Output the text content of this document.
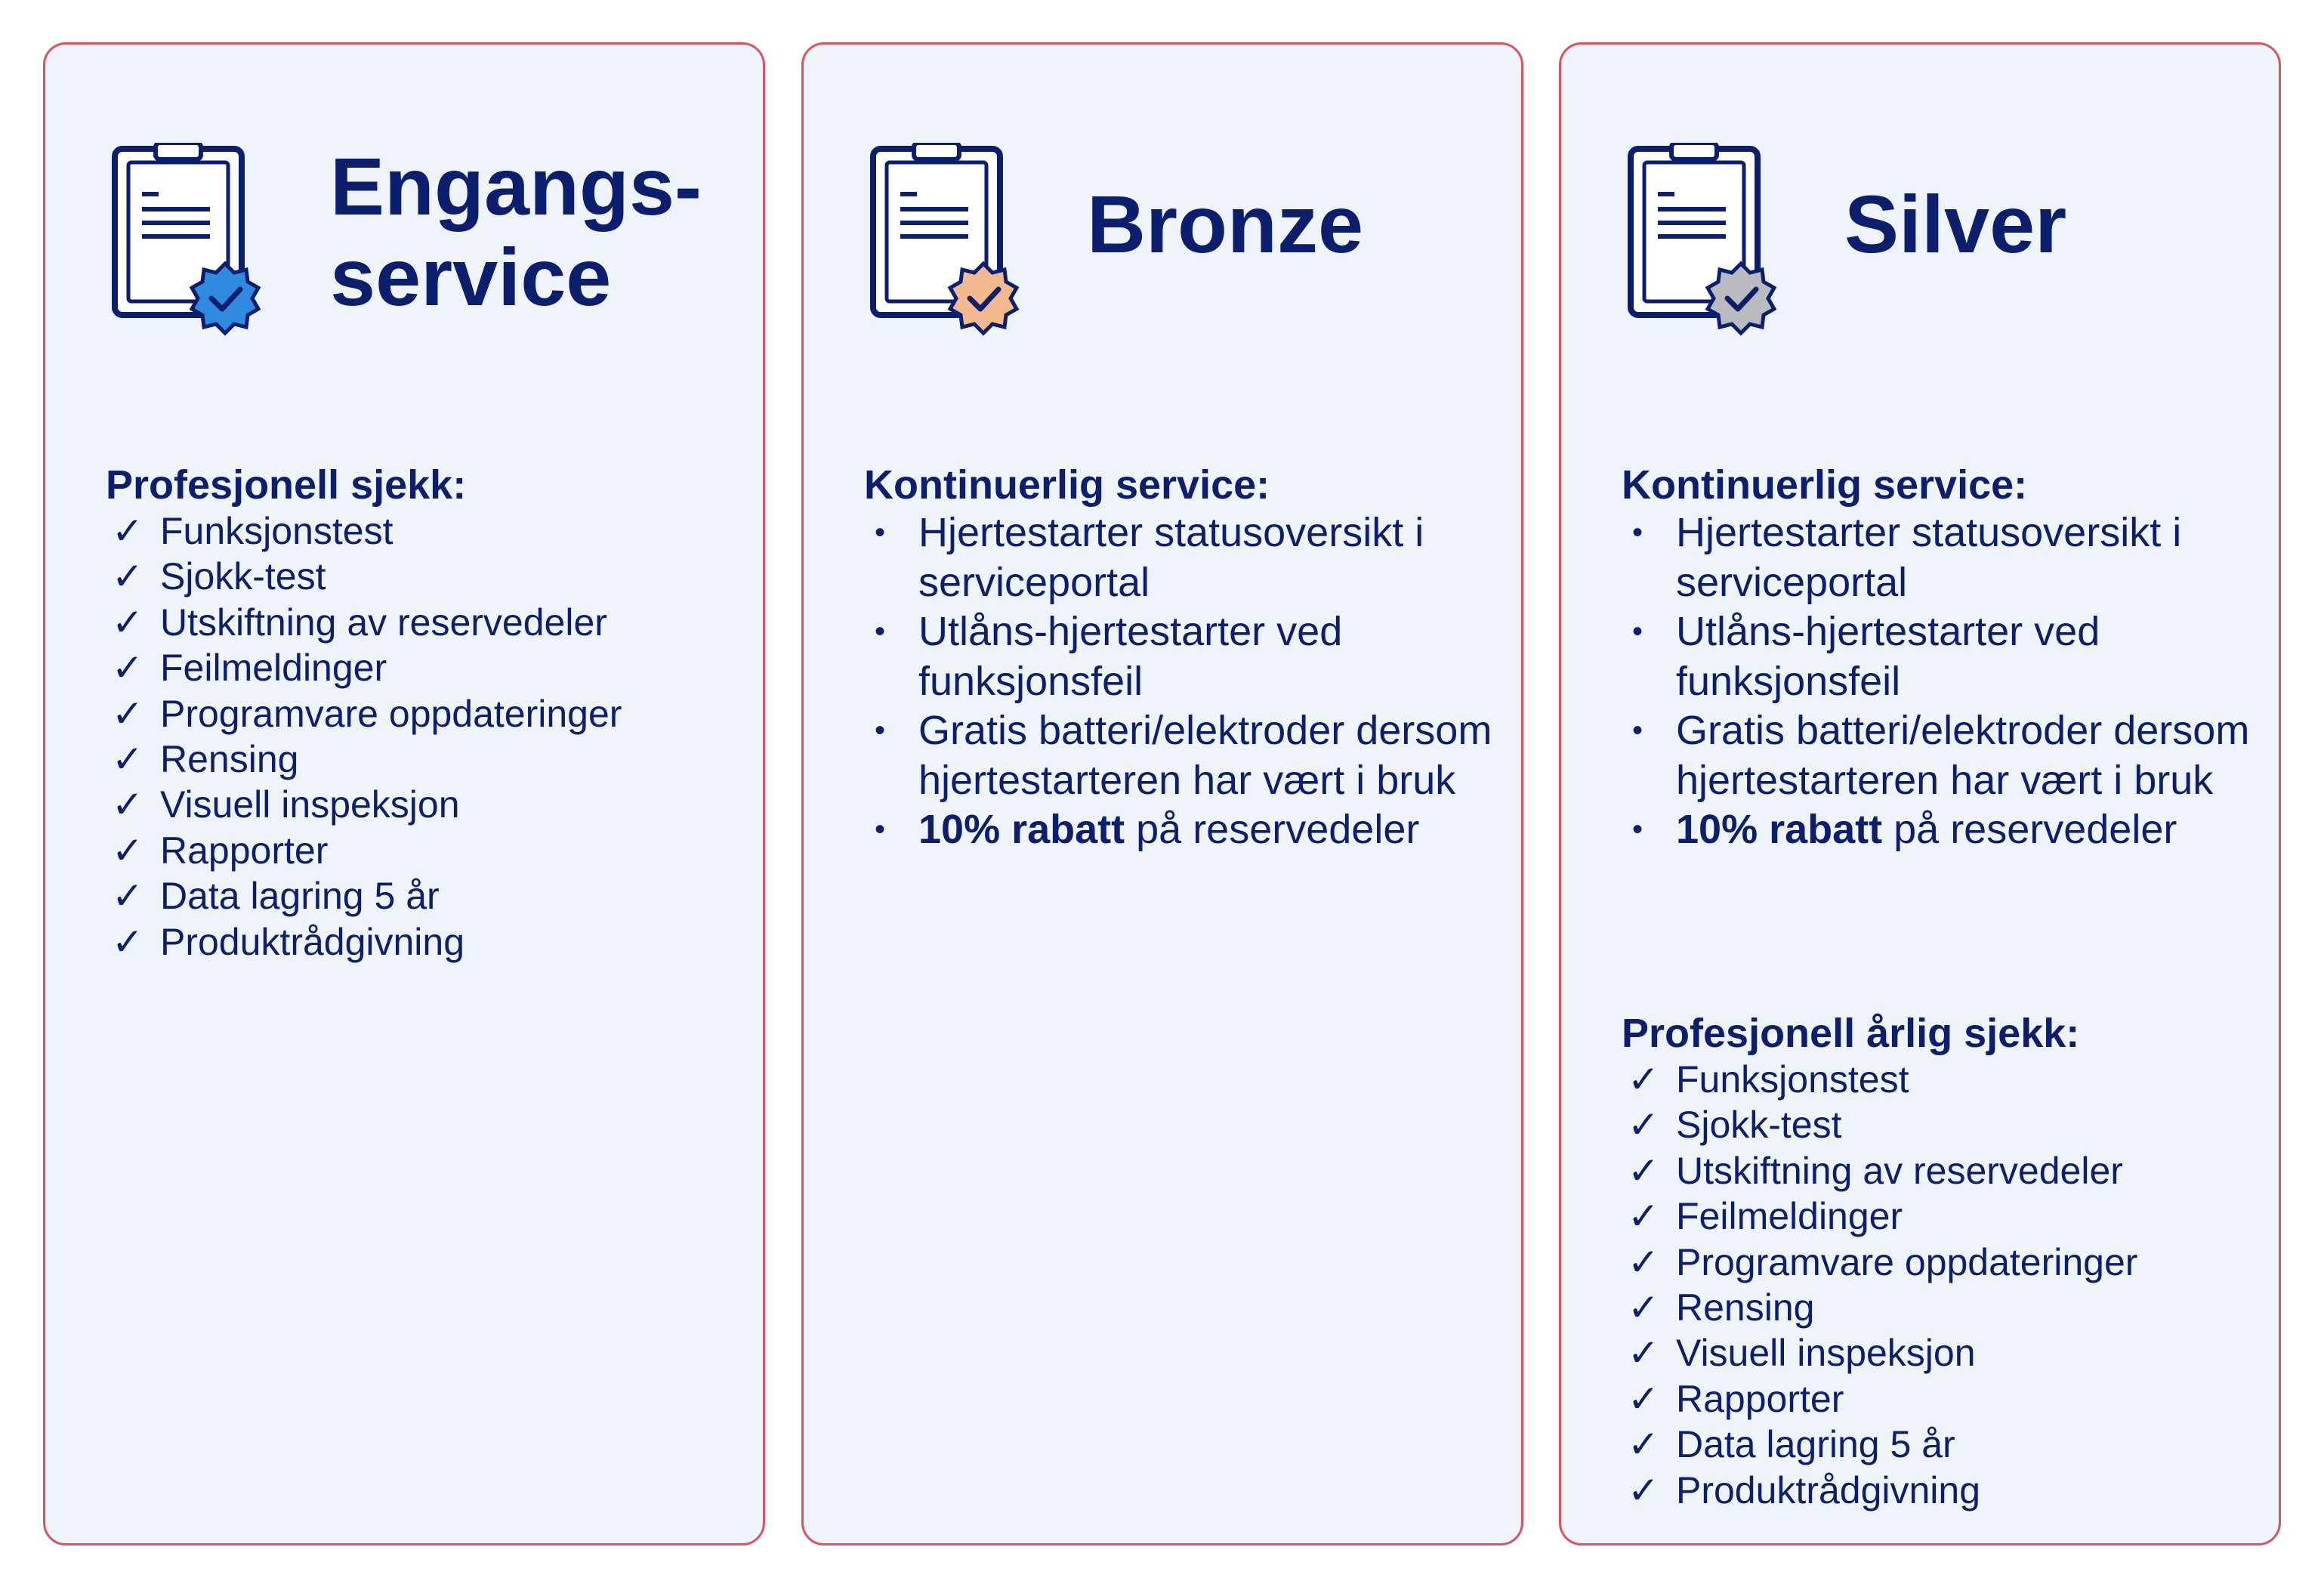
Engangs-
service
Profesjonell sjekk:
✓ Funksjonstest
✓ Sjokk-test
✓ Utskiftning av reservedeler
✓ Feilmeldinger
✓ Programvare oppdateringer
✓ Rensing
✓ Visuell inspeksjon
✓ Rapporter
✓ Data lagring 5 år
✓ Produktrådgivning
Bronze
Kontinuerlig service:
• Hjertestarter statusoversikt i serviceportal
• Utlåns-hjertestarter ved funksjonsfeil
• Gratis batteri/elektroder dersom hjertestarteren har vært i bruk
• 10% rabatt på reservedeler
Silver
Kontinuerlig service:
• Hjertestarter statusoversikt i serviceportal
• Utlåns-hjertestarter ved funksjonsfeil
• Gratis batteri/elektroder dersom hjertestarteren har vært i bruk
• 10% rabatt på reservedeler
Profesjonell årlig sjekk:
✓ Funksjonstest
✓ Sjokk-test
✓ Utskiftning av reservedeler
✓ Feilmeldinger
✓ Programvare oppdateringer
✓ Rensing
✓ Visuell inspeksjon
✓ Rapporter
✓ Data lagring 5 år
✓ Produktrådgivning
